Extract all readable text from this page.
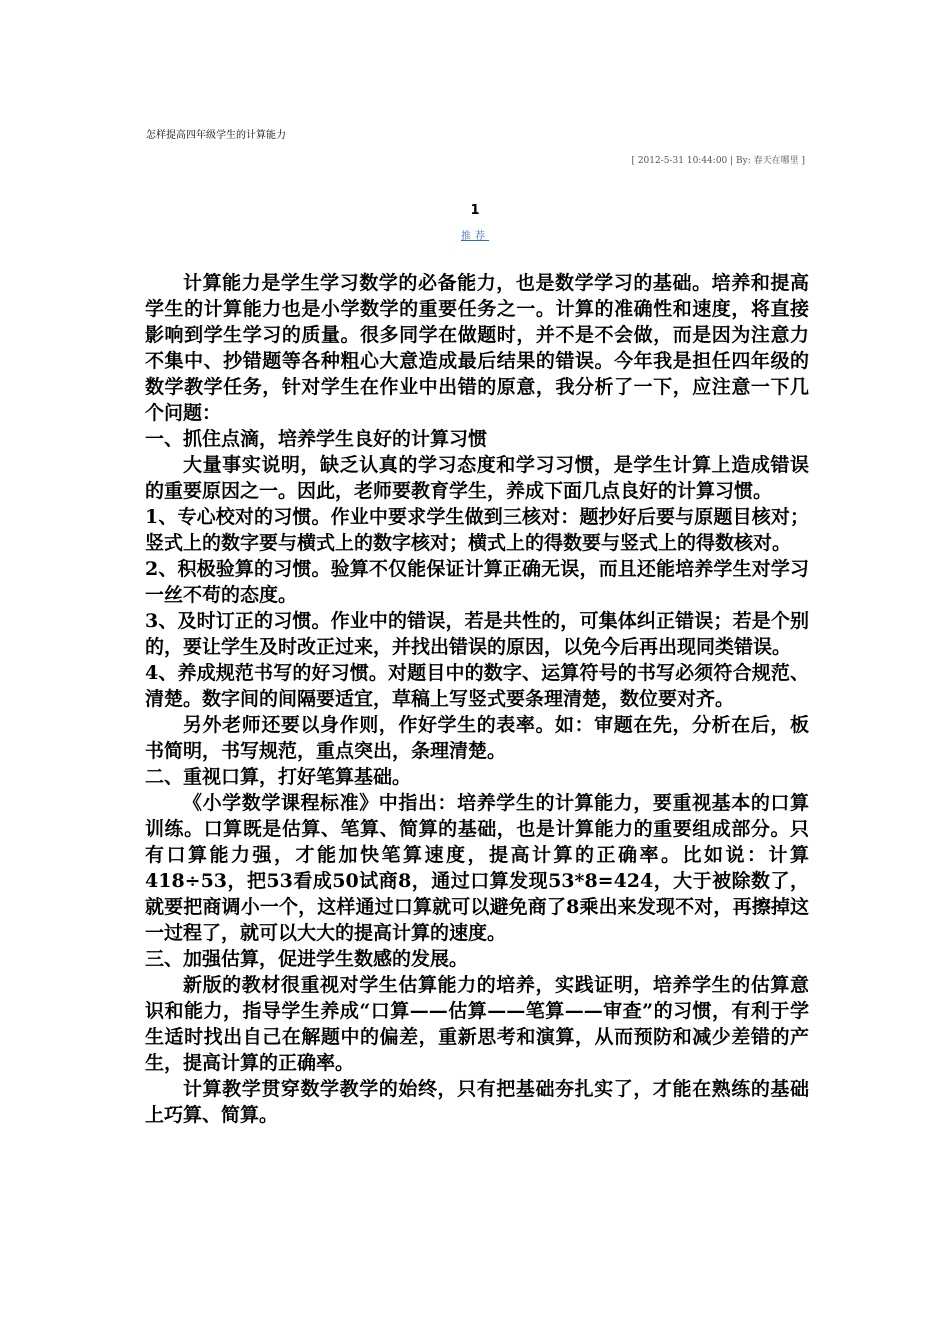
怎样提高四年级学生的计算能力
[ 2012-5-31 10:44:00 | By: 春天在哪里 ]
1
推荐

计算能力是学生学习数学的必备能力，也是数学学习的基础。培养和提高学生的计算能力也是小学数学的重要任务之一。计算的准确性和速度，将直接影响到学生学习的质量。很多同学在做题时，并不是不会做，而是因为注意力不集中、抄错题等各种粗心大意造成最后结果的错误。今年我是担任四年级的数学教学任务，针对学生在作业中出错的原意，我分析了一下，应注意一下几个问题：

一、抓住点滴，培养学生良好的计算习惯

大量事实说明，缺乏认真的学习态度和学习习惯，是学生计算上造成错误的重要原因之一。因此，老师要教育学生，养成下面几点良好的计算习惯。

1、专心校对的习惯。作业中要求学生做到三核对：题抄好后要与原题目核对；竖式上的数字要与横式上的数字核对；横式上的得数要与竖式上的得数核对。

2、积极验算的习惯。验算不仅能保证计算正确无误，而且还能培养学生对学习一丝不苟的态度。

3、及时订正的习惯。作业中的错误，若是共性的，可集体纠正错误；若是个别的，要让学生及时改正过来，并找出错误的原因，以免今后再出现同类错误。

4、养成规范书写的好习惯。对题目中的数字、运算符号的书写必须符合规范、清楚。数字间的间隔要适宜，草稿上写竖式要条理清楚，数位要对齐。

另外老师还要以身作则，作好学生的表率。如：审题在先，分析在后，板书简明，书写规范，重点突出，条理清楚。

二、重视口算，打好笔算基础。

《小学数学课程标准》中指出：培养学生的计算能力，要重视基本的口算训练。口算既是估算、笔算、简算的基础，也是计算能力的重要组成部分。只有口算能力强，才能加快笔算速度，提高计算的正确率。比如说：计算418÷53，把53看成50试商8，通过口算发现53*8=424，大于被除数了，就要把商调小一个，这样通过口算就可以避免商了8乘出来发现不对，再擦掉这一过程了，就可以大大的提高计算的速度。

三、加强估算，促进学生数感的发展。

新版的教材很重视对学生估算能力的培养，实践证明，培养学生的估算意识和能力，指导学生养成“口算——估算——笔算——审查”的习惯，有利于学生适时找出自己在解题中的偏差，重新思考和演算，从而预防和减少差错的产生，提高计算的正确率。

计算教学贯穿数学教学的始终，只有把基础夯扎实了，才能在熟练的基础上巧算、简算。
